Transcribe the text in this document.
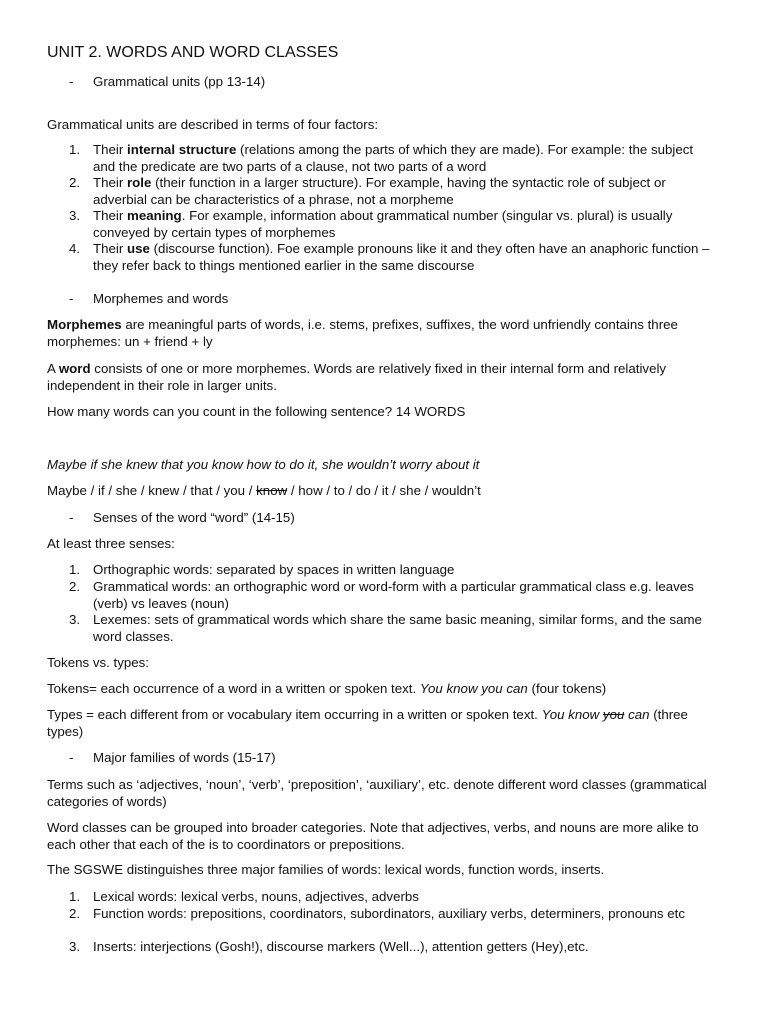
UNIT 2. WORDS AND WORD CLASSES
- Grammatical units (pp 13-14)
Grammatical units are described in terms of four factors:
1. Their internal structure (relations among the parts of which they are made). For example: the subject and the predicate are two parts of a clause, not two parts of a word
2. Their role (their function in a larger structure). For example, having the syntactic role of subject or adverbial can be characteristics of a phrase, not a morpheme
3. Their meaning. For example, information about grammatical number (singular vs. plural) is usually conveyed by certain types of morphemes
4. Their use (discourse function). Foe example pronouns like it and they often have an anaphoric function – they refer back to things mentioned earlier in the same discourse
- Morphemes and words
Morphemes are meaningful parts of words, i.e. stems, prefixes, suffixes, the word unfriendly contains three morphemes: un + friend + ly
A word consists of one or more morphemes. Words are relatively fixed in their internal form and relatively independent in their role in larger units.
How many words can you count in the following sentence? 14 WORDS
Maybe if she knew that you know how to do it, she wouldn’t worry about it
Maybe / if / she / knew / that / you / know / how / to / do / it / she / wouldn’t
- Senses of the word “word” (14-15)
At least three senses:
1. Orthographic words: separated by spaces in written language
2. Grammatical words: an orthographic word or word-form with a particular grammatical class e.g. leaves (verb) vs leaves (noun)
3. Lexemes: sets of grammatical words which share the same basic meaning, similar forms, and the same word classes.
Tokens vs. types:
Tokens= each occurrence of a word in a written or spoken text. You know you can (four tokens)
Types = each different from or vocabulary item occurring in a written or spoken text. You know you can (three types)
- Major families of words (15-17)
Terms such as ‘adjectives, ‘noun’, ‘verb’, ‘preposition’, ‘auxiliary’, etc. denote different word classes (grammatical categories of words)
Word classes can be grouped into broader categories. Note that adjectives, verbs, and nouns are more alike to each other that each of the is to coordinators or prepositions.
The SGSWE distinguishes three major families of words: lexical words, function words, inserts.
1. Lexical words: lexical verbs, nouns, adjectives, adverbs
2. Function words: prepositions, coordinators, subordinators, auxiliary verbs, determiners, pronouns etc
3. Inserts: interjections (Gosh!), discourse markers (Well...), attention getters (Hey),etc.
